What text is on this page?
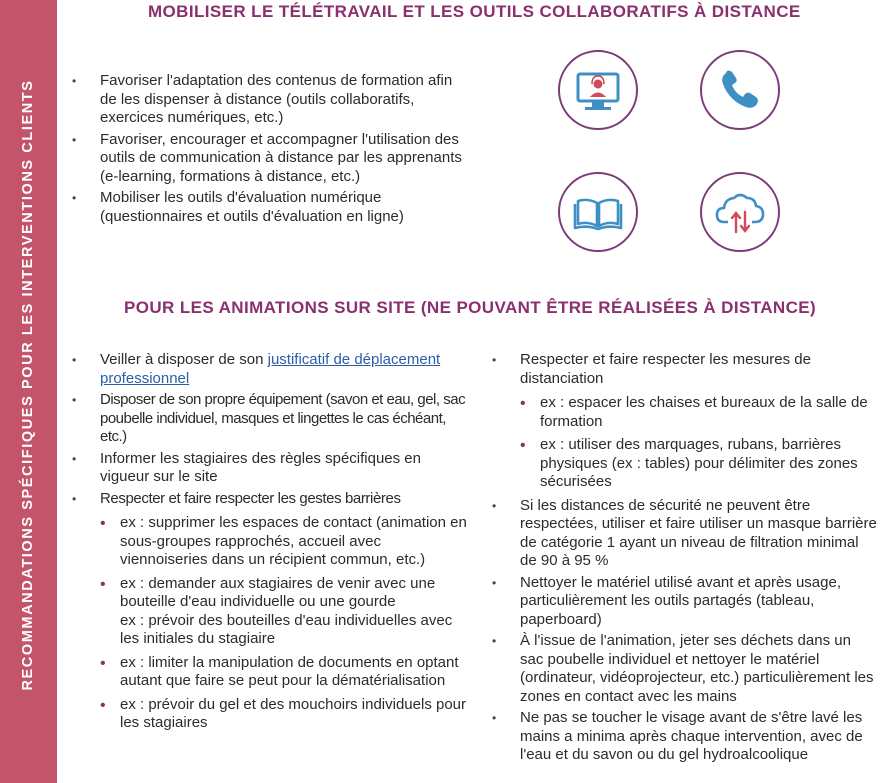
RECOMMANDATIONS SPÉCIFIQUES POUR LES INTERVENTIONS CLIENTS
MOBILISER LE TÉLÉTRAVAIL ET LES OUTILS COLLABORATIFS À DISTANCE
• Favoriser l'adaptation des contenus de formation afin de les dispenser à distance (outils collaboratifs, exercices numériques, etc.)
• Favoriser, encourager et accompagner l'utilisation des outils de communication à distance par les apprenants (e-learning, formations à distance, etc.)
• Mobiliser les outils d'évaluation numérique (questionnaires et outils d'évaluation en ligne)
POUR LES ANIMATIONS SUR SITE (NE POUVANT ÊTRE RÉALISÉES À DISTANCE)
• Veiller à disposer de son justificatif de déplacement professionnel
• Disposer de son propre équipement (savon et eau, gel, sac poubelle individuel, masques et lingettes le cas échéant, etc.)
• Informer les stagiaires des règles spécifiques en vigueur sur le site
• Respecter et faire respecter les gestes barrières
• ex : supprimer les espaces de contact (animation en sous-groupes rapprochés, accueil avec viennoiseries dans un récipient commun, etc.)
• ex : demander aux stagiaires de venir avec une bouteille d'eau individuelle ou une gourde
ex : prévoir des bouteilles d'eau individuelles avec les initiales du stagiaire
• ex : limiter la manipulation de documents en optant autant que faire se peut pour la dématérialisation
• ex : prévoir du gel et des mouchoirs individuels pour les stagiaires
• Respecter et faire respecter les mesures de distanciation
• ex : espacer les chaises et bureaux de la salle de formation
• ex : utiliser des marquages, rubans, barrières physiques (ex : tables) pour délimiter des zones sécurisées
• Si les distances de sécurité ne peuvent être respectées, utiliser et faire utiliser un masque barrière de catégorie 1 ayant un niveau de filtration minimal de 90 à 95 %
• Nettoyer le matériel utilisé avant et après usage, particulièrement les outils partagés (tableau, paperboard)
• À l'issue de l'animation, jeter ses déchets dans un sac poubelle individuel et nettoyer le matériel (ordinateur, vidéoprojecteur, etc.) particulièrement les zones en contact avec les mains
• Ne pas se toucher le visage avant de s'être lavé les mains a minima après chaque intervention, avec de l'eau et du savon ou du gel hydroalcoolique
